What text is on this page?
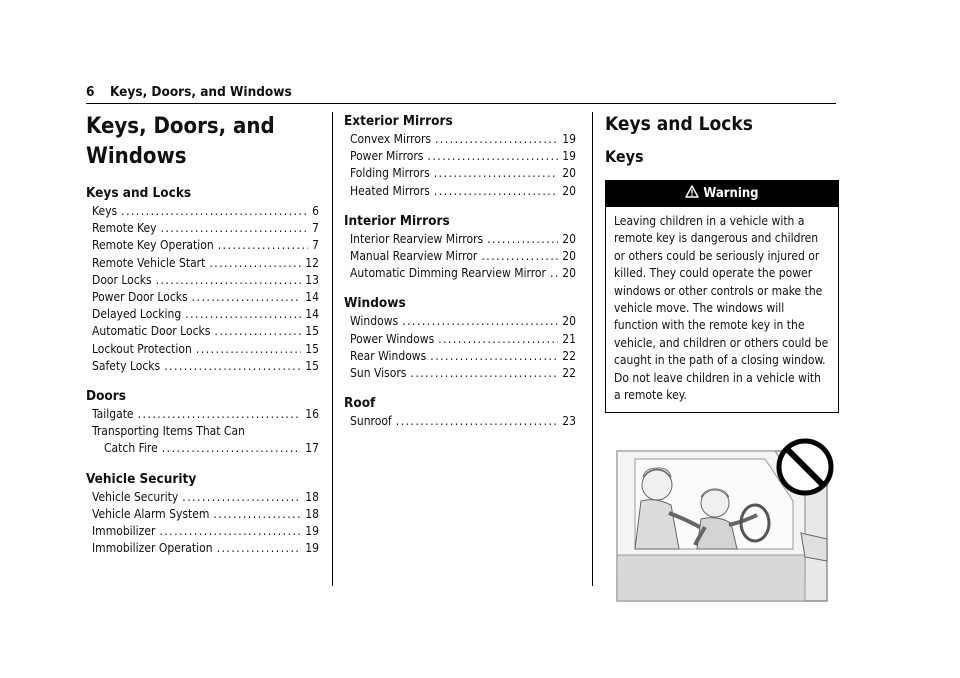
6 Keys, Doors, and Windows
Keys, Doors, and
Windows
Keys and Locks
Keys .....	6
Remote Key .....	7
Remote Key Operation .....	7
Remote Vehicle Start .....	12
Door Locks .....	13
Power Door Locks .....	14
Delayed Locking .....	14
Automatic Door Locks .....	15
Lockout Protection .....	15
Safety Locks .....	15
Doors
Tailgate .....	16
Transporting Items That Can
Catch Fire .....	17
Vehicle Security
Vehicle Security .....	18
Vehicle Alarm System .....	18
Immobilizer .....	19
Immobilizer Operation .....	19
Exterior Mirrors
Convex Mirrors .....	19
Power Mirrors .....	19
Folding Mirrors .....	20
Heated Mirrors .....	20
Interior Mirrors
Interior Rearview Mirrors .....	20
Manual Rearview Mirror .....	20
Automatic Dimming Rearview Mirror ..... 20
Windows
Windows .....	20
Power Windows .....	21
Rear Windows .....	22
Sun Visors .....	22
Roof
Sunroof .....	23
Keys and Locks
Keys
Warning
Leaving children in a vehicle with a remote key is dangerous and children or others could be seriously injured or killed. They could operate the power windows or other controls or make the vehicle move. The windows will function with the remote key in the vehicle, and children or others could be caught in the path of a closing window. Do not leave children in a vehicle with a remote key.
